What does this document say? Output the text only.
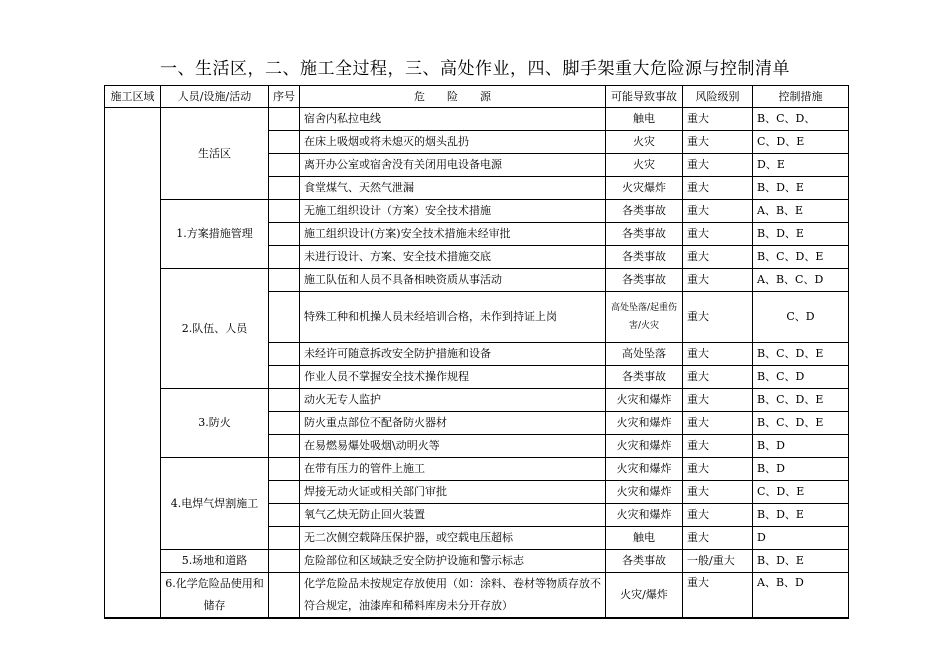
一、生活区，二、施工全过程，三、高处作业，四、脚手架重大危险源与控制清单
施工区域	人员/设施/活动	序号	危　　险　　源	可能导致事故	风险级别	控制措施
	生活区		宿舍内私拉电线	触电	重大	B、C、D、
			在床上吸烟或将未熄灭的烟头乱扔	火灾	重大	C、D、E
			离开办公室或宿舍没有关闭用电设备电源	火灾	重大	D、E
			食堂煤气、天然气泄漏	火灾爆炸	重大	B、D、E
	1.方案措施管理		无施工组织设计（方案）安全技术措施	各类事故	重大	A、B、E
			施工组织设计(方案)安全技术措施未经审批	各类事故	重大	B、D、E
			未进行设计、方案、安全技术措施交底	各类事故	重大	B、C、D、E
	2.队伍、人员		施工队伍和人员不具备相映资质从事活动	各类事故	重大	A、B、C、D
			特殊工种和机操人员未经培训合格，未作到持证上岗	高处坠落/起重伤害/火灾	重大	C、D
			未经许可随意拆改安全防护措施和设备	高处坠落	重大	B、C、D、E
			作业人员不掌握安全技术操作规程	各类事故	重大	B、C、D
	3.防火		动火无专人监护	火灾和爆炸	重大	B、C、D、E
			防火重点部位不配备防火器材	火灾和爆炸	重大	B、C、D、E
			在易燃易爆处吸烟\动明火等	火灾和爆炸	重大	B、D
	4.电焊气焊割施工		在带有压力的管件上施工	火灾和爆炸	重大	B、D
			焊接无动火证或相关部门审批	火灾和爆炸	重大	C、D、E
			氧气乙炔无防止回火装置	火灾和爆炸	重大	B、D、E
			无二次侧空载降压保护器，或空载电压超标	触电	重大	D
	5.场地和道路		危险部位和区域缺乏安全防护设施和警示标志	各类事故	一般/重大	B、D、E
	6.化学危险品使用和储存		化学危险品未按规定存放使用（如：涂料、卷材等物质存放不符合规定，油漆库和稀料库房未分开存放）	火灾/爆炸	重大	A、B、D
